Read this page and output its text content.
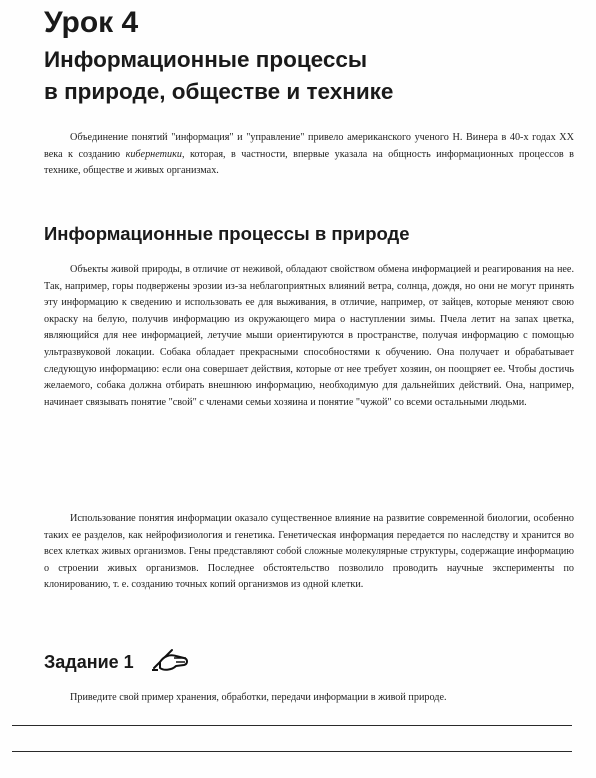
Урок 4
Информационные процессы
в природе, обществе и технике

Объединение понятий "информация" и "управление" привело американского ученого Н. Винера в 40-х годах XX века к созданию кибернетики, которая, в частности, впервые указала на общность информационных процессов в технике, обществе и живых организмах.

Информационные процессы в природе

Объекты живой природы, в отличие от неживой, обладают свойством обмена информацией и реагирования на нее. Так, например, горы подвержены эрозии из-за неблагоприятных влияний ветра, солнца, дождя, но они не могут принять эту информацию к сведению и использовать ее для выживания, в отличие, например, от зайцев, которые меняют свою окраску на белую, получив информацию из окружающего мира о наступлении зимы. Пчела летит на запах цветка, являющийся для нее информацией, летучие мыши ориентируются в пространстве, получая информацию с помощью ультразвуковой локации. Собака обладает прекрасными способностями к обучению. Она получает и обрабатывает следующую информацию: если она совершает действия, которые от нее требует хозяин, он поощряет ее. Чтобы достичь желаемого, собака должна отбирать внешнюю информацию, необходимую для дальнейших действий. Она, например, начинает связывать понятие "свой" с членами семьи хозяина и понятие "чужой" со всеми остальными людьми.

Использование понятия информации оказало существенное влияние на развитие современной биологии, особенно таких ее разделов, как нейрофизиология и генетика. Генетическая информация передается по наследству и хранится во всех клетках живых организмов. Гены представляют собой сложные молекулярные структуры, содержащие информацию о строении живых организмов. Последнее обстоятельство позволило проводить научные эксперименты по клонированию, т. е. созданию точных копий организмов из одной клетки.

Задание 1

Приведите свой пример хранения, обработки, передачи информации в живой природе.
